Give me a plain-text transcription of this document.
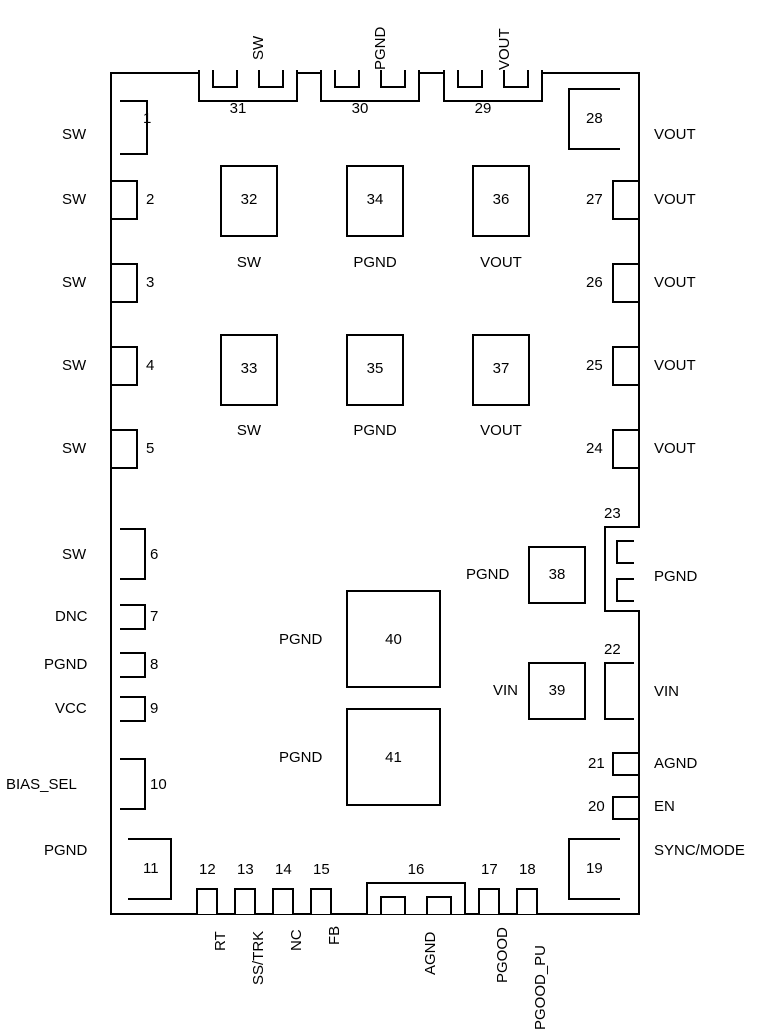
31
SW
30
PGND
29
VOUT
1
SW
2
SW
3
SW
4
SW
5
SW
6
SW
7
DNC
8
PGND
9
VCC
10
BIAS_SEL
11
PGND
12
RT
13
SS/TRK
14
NC
15
FB
16
AGND
17
PGOOD
18
PGOOD_PU
19
SYNC/MODE
20	EN
21	AGND
22
VIN
23
PGND
24	VOUT
25	VOUT
26	VOUT
27	VOUT
28
VOUT
32
SW
34
PGND
36
VOUT
33
SW
35
PGND
37
VOUT
38
PGND
39
VIN
40
PGND
41
PGND
